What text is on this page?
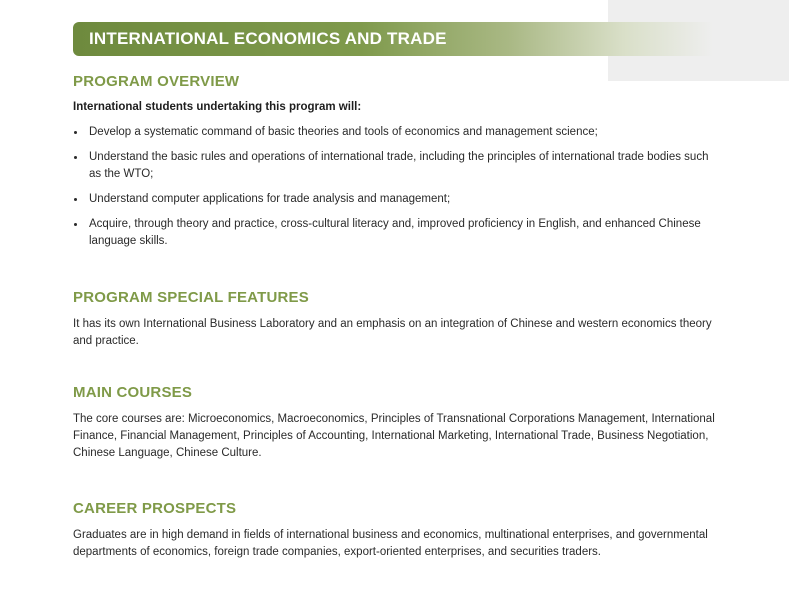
INTERNATIONAL ECONOMICS AND TRADE
PROGRAM OVERVIEW
International students undertaking this program will:
Develop a systematic command of basic theories and tools of economics and management science;
Understand the basic rules and operations of international trade, including the principles of international trade bodies such as the WTO;
Understand computer applications for trade analysis and management;
Acquire, through theory and practice, cross-cultural literacy and, improved proficiency in English, and enhanced Chinese language skills.
PROGRAM SPECIAL FEATURES
It has its own International Business Laboratory and an emphasis on an integration of Chinese and western economics theory and practice.
MAIN COURSES
The core courses are: Microeconomics, Macroeconomics, Principles of Transnational Corporations Management, International Finance, Financial Management, Principles of Accounting, International Marketing, International Trade, Business Negotiation, Chinese Language, Chinese Culture.
CAREER PROSPECTS
Graduates are in high demand in fields of international business and economics, multinational enterprises, and governmental departments of economics, foreign trade companies, export-oriented enterprises, and securities traders.
